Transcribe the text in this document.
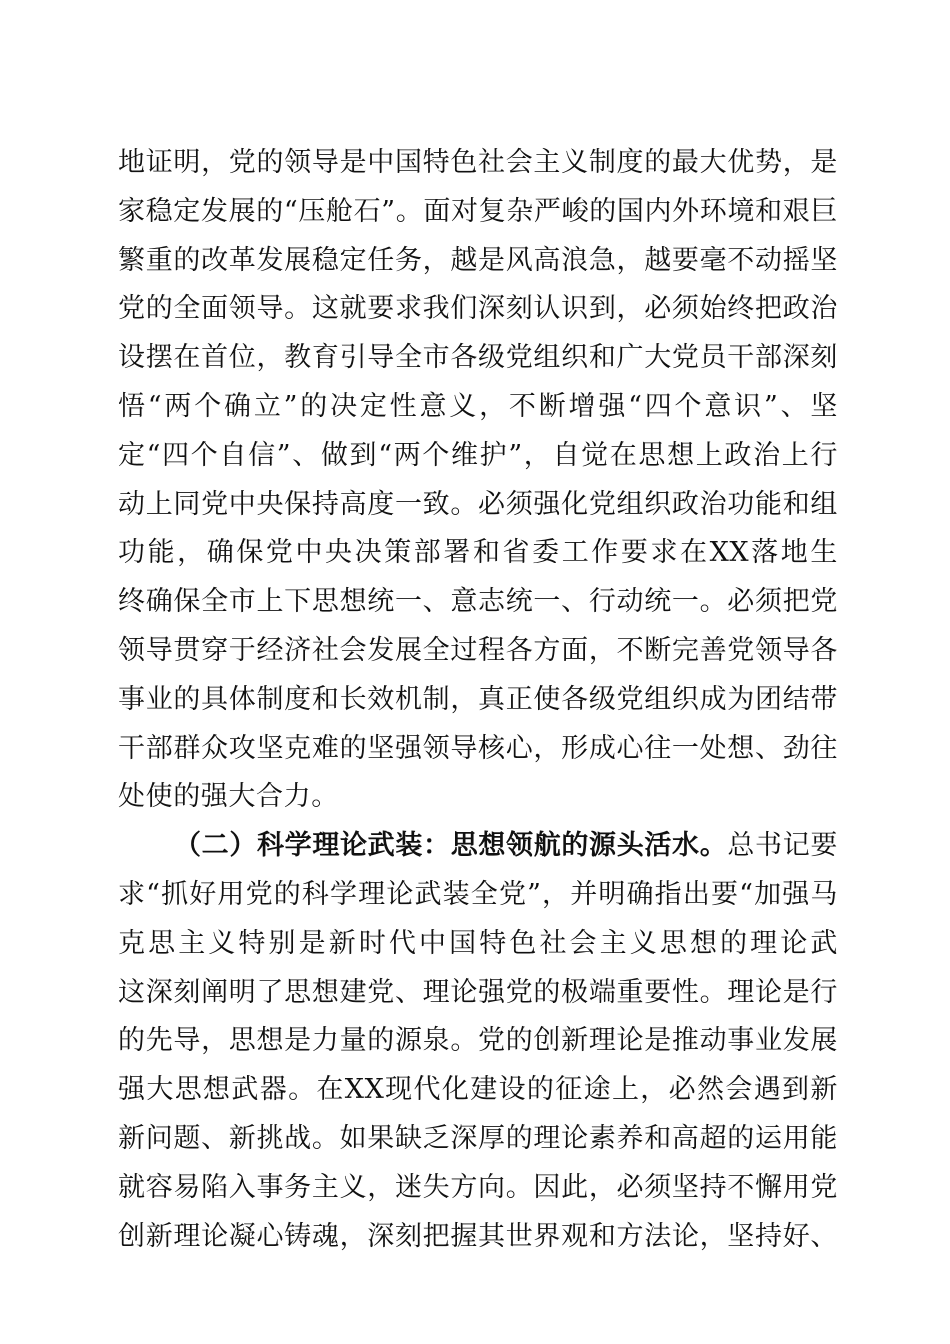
地证明，党的领导是中国特色社会主义制度的最大优势，是
家稳定发展的“压舱石”。面对复杂严峻的国内外环境和艰巨
繁重的改革发展稳定任务，越是风高浪急，越要毫不动摇坚
党的全面领导。这就要求我们深刻认识到，必须始终把政治
设摆在首位，教育引导全市各级党组织和广大党员干部深刻
悟“两个确立”的决定性意义，不断增强“四个意识”、坚
定“四个自信”、做到“两个维护”，自觉在思想上政治上行
动上同党中央保持高度一致。必须强化党组织政治功能和组
功能，确保党中央决策部署和省委工作要求在XX落地生
终确保全市上下思想统一、意志统一、行动统一。必须把党
领导贯穿于经济社会发展全过程各方面，不断完善党领导各
事业的具体制度和长效机制，真正使各级党组织成为团结带
干部群众攻坚克难的坚强领导核心，形成心往一处想、劲往
处使的强大合力。
（二）科学理论武装：思想领航的源头活水。总书记要
求“抓好用党的科学理论武装全党”，并明确指出要“加强马
克思主义特别是新时代中国特色社会主义思想的理论武
这深刻阐明了思想建党、理论强党的极端重要性。理论是行
的先导，思想是力量的源泉。党的创新理论是推动事业发展
强大思想武器。在XX现代化建设的征途上，必然会遇到新
新问题、新挑战。如果缺乏深厚的理论素养和高超的运用能
就容易陷入事务主义，迷失方向。因此，必须坚持不懈用党
创新理论凝心铸魂，深刻把握其世界观和方法论，坚持好、
